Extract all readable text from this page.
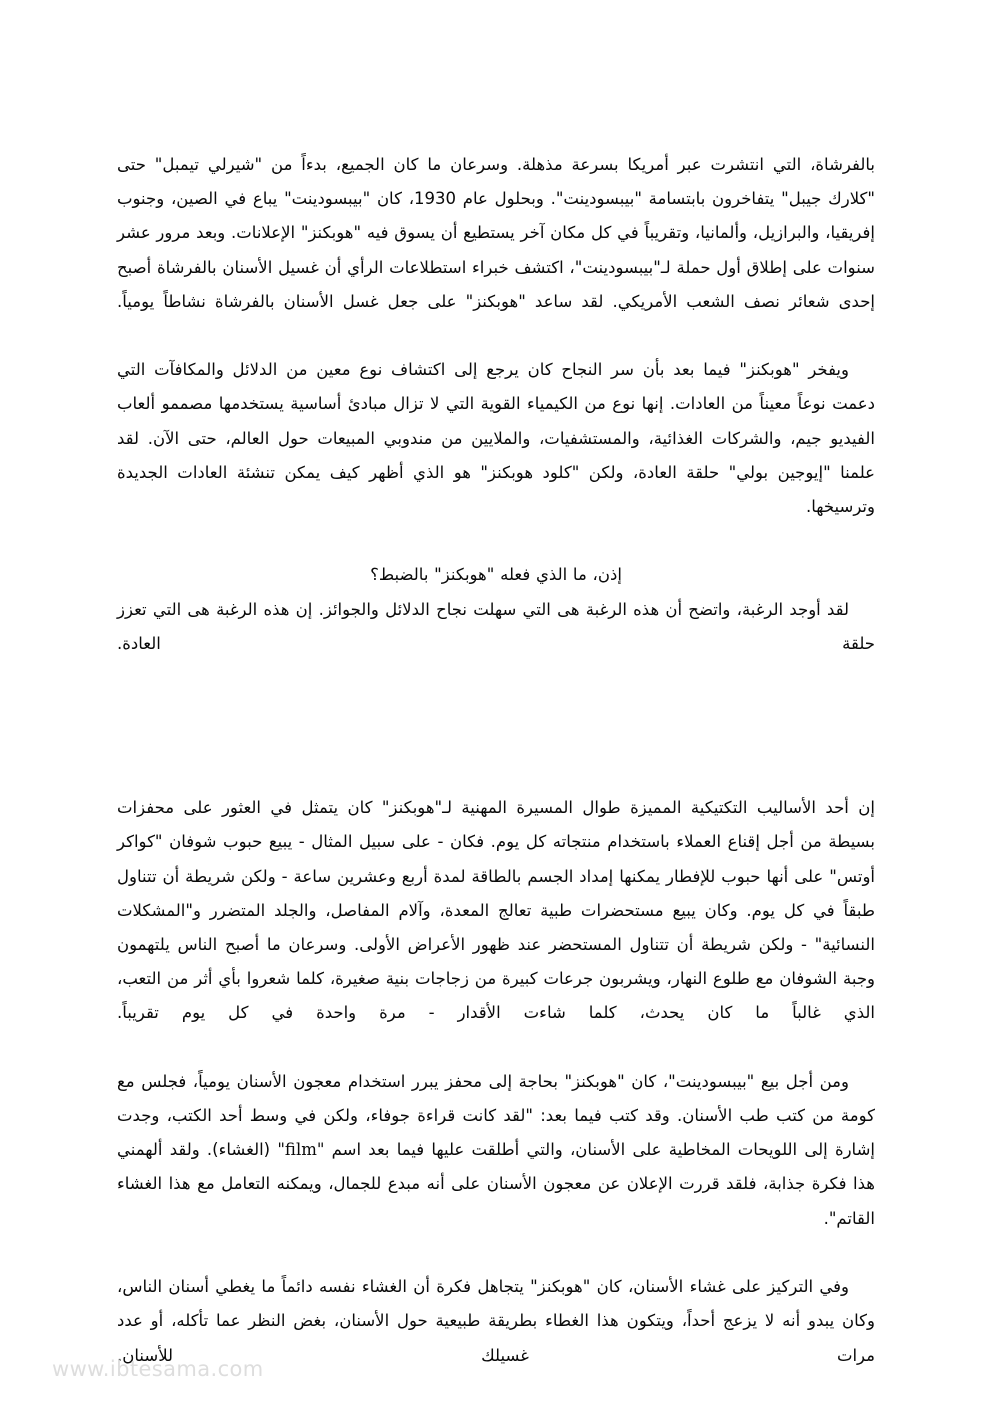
بالفرشاة، التي انتشرت عبر أمريكا بسرعة مذهلة. وسرعان ما كان الجميع، بدءاً من "شيرلي تيمبل" حتى "كلارك جيبل" يتفاخرون بابتسامة "بيبسودينت". وبحلول عام 1930، كان "بيبسودينت" يباع في الصين، وجنوب إفريقيا، والبرازيل، وألمانيا، وتقريباً في كل مكان آخر يستطيع أن يسوق فيه "هوبكنز" الإعلانات. وبعد مرور عشر سنوات على إطلاق أول حملة لـ"بيبسودينت"، اكتشف خبراء استطلاعات الرأي أن غسيل الأسنان بالفرشاة أصبح إحدى شعائر نصف الشعب الأمريكي. لقد ساعد "هوبكنز" على جعل غسل الأسنان بالفرشاة نشاطاً يومياً.

ويفخر "هوبكنز" فيما بعد بأن سر النجاح كان يرجع إلى اكتشاف نوع معين من الدلائل والمكافآت التي دعمت نوعاً معيناً من العادات. إنها نوع من الكيمياء القوية التي لا تزال مبادئ أساسية يستخدمها مصممو ألعاب الفيديو جيم، والشركات الغذائية، والمستشفيات، والملايين من مندوبي المبيعات حول العالم، حتى الآن. لقد علمنا "إيوجين بولي" حلقة العادة، ولكن "كلود هوبكنز" هو الذي أظهر كيف يمكن تنشئة العادات الجديدة وترسيخها.

إذن، ما الذي فعله "هوبكنز" بالضبط؟

لقد أوجد الرغبة، واتضح أن هذه الرغبة هى التي سهلت نجاح الدلائل والجوائز. إن هذه الرغبة هى التي تعزز حلقة العادة.

إن أحد الأساليب التكتيكية المميزة طوال المسيرة المهنية لـ"هوبكنز" كان يتمثل في العثور على محفزات بسيطة من أجل إقناع العملاء باستخدام منتجاته كل يوم. فكان - على سبيل المثال - يبيع حبوب شوفان "كواكر أوتس" على أنها حبوب للإفطار يمكنها إمداد الجسم بالطاقة لمدة أربع وعشرين ساعة - ولكن شريطة أن تتناول طبقاً في كل يوم. وكان يبيع مستحضرات طبية تعالج المعدة، وآلام المفاصل، والجلد المتضرر و"المشكلات النسائية" - ولكن شريطة أن تتناول المستحضر عند ظهور الأعراض الأولى. وسرعان ما أصبح الناس يلتهمون وجبة الشوفان مع طلوع النهار، ويشربون جرعات كبيرة من زجاجات بنية صغيرة، كلما شعروا بأي أثر من التعب، الذي غالباً ما كان يحدث، كلما شاءت الأقدار - مرة واحدة في كل يوم تقريباً.

ومن أجل بيع "بيبسودينت"، كان "هوبكنز" بحاجة إلى محفز يبرر استخدام معجون الأسنان يومياً، فجلس مع كومة من كتب طب الأسنان. وقد كتب فيما بعد: "لقد كانت قراءة جوفاء، ولكن في وسط أحد الكتب، وجدت إشارة إلى اللويحات المخاطية على الأسنان، والتي أطلقت عليها فيما بعد اسم "film" (الغشاء). ولقد ألهمني هذا فكرة جذابة، فلقد قررت الإعلان عن معجون الأسنان على أنه مبدع للجمال، ويمكنه التعامل مع هذا الغشاء القاتم".

وفي التركيز على غشاء الأسنان، كان "هوبكنز" يتجاهل فكرة أن الغشاء نفسه دائماً ما يغطي أسنان الناس، وكان يبدو أنه لا يزعج أحداً، ويتكون هذا الغطاء بطريقة طبيعية حول الأسنان، بغض النظر عما تأكله، أو عدد مرات غسيلك للأسنان.

www.ibtesama.com
